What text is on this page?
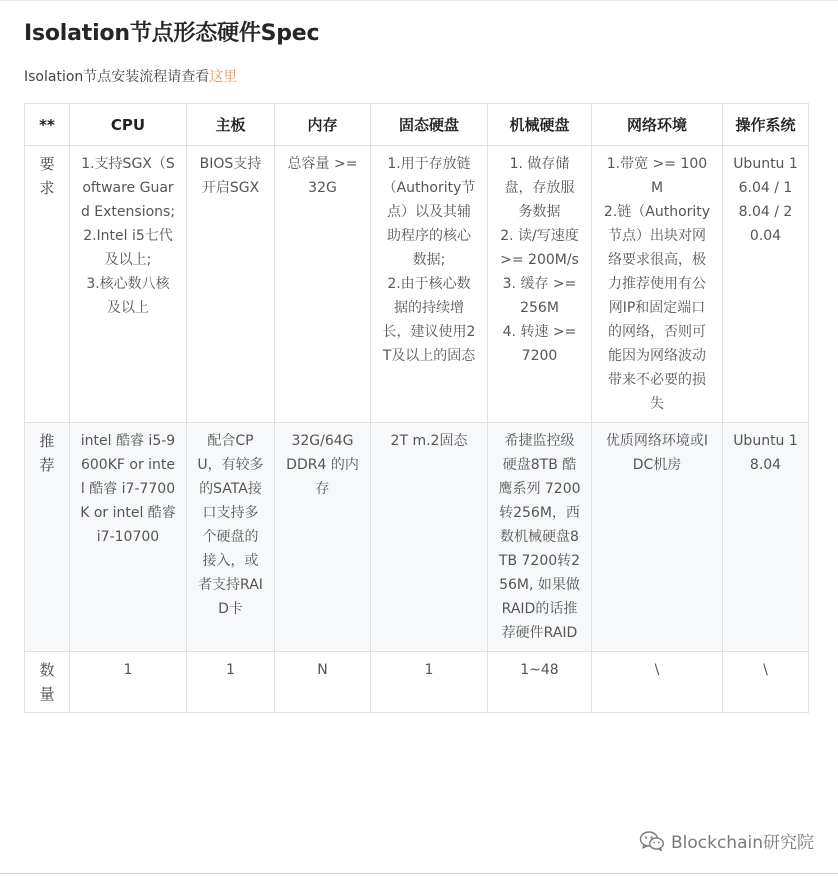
Isolation节点形态硬件Spec

Isolation节点安装流程请查看这里

**	CPU	主板	内存	固态硬盘	机械硬盘	网络环境	操作系统
要求	1.支持SGX（Software Guard Extensions;
2.Intel i5七代及以上;
3.核心数八核及以上	BIOS支持开启SGX	总容量 >= 32G	1.用于存放链（Authority节点）以及其辅助程序的核心数据;
2.由于核心数据的持续增长，建议使用2T及以上的固态	1. 做存储盘，存放服务数据
2. 读/写速度 >= 200M/s
3. 缓存 >= 256M
4. 转速 >= 7200	1.带宽 >= 100M
2.链（Authority节点）出块对网络要求很高，极力推荐使用有公网IP和固定端口的网络，否则可能因为网络波动带来不必要的损失	Ubuntu 16.04 / 18.04 / 20.04
推荐	intel 酷睿 i5-9600KF or intel 酷睿 i7-7700K or intel 酷睿 i7-10700	配合CPU，有较多的SATA接口支持多个硬盘的接入，或者支持RAID卡	32G/64G DDR4 的内存	2T m.2固态	希捷监控级硬盘8TB 酷鹰系列 7200转256M，西数机械硬盘8TB 7200转256M, 如果做RAID的话推荐硬件RAID	优质网络环境或IDC机房	Ubuntu 18.04
数量	1	1	N	1	1~48	\	\
Blockchain研究院
